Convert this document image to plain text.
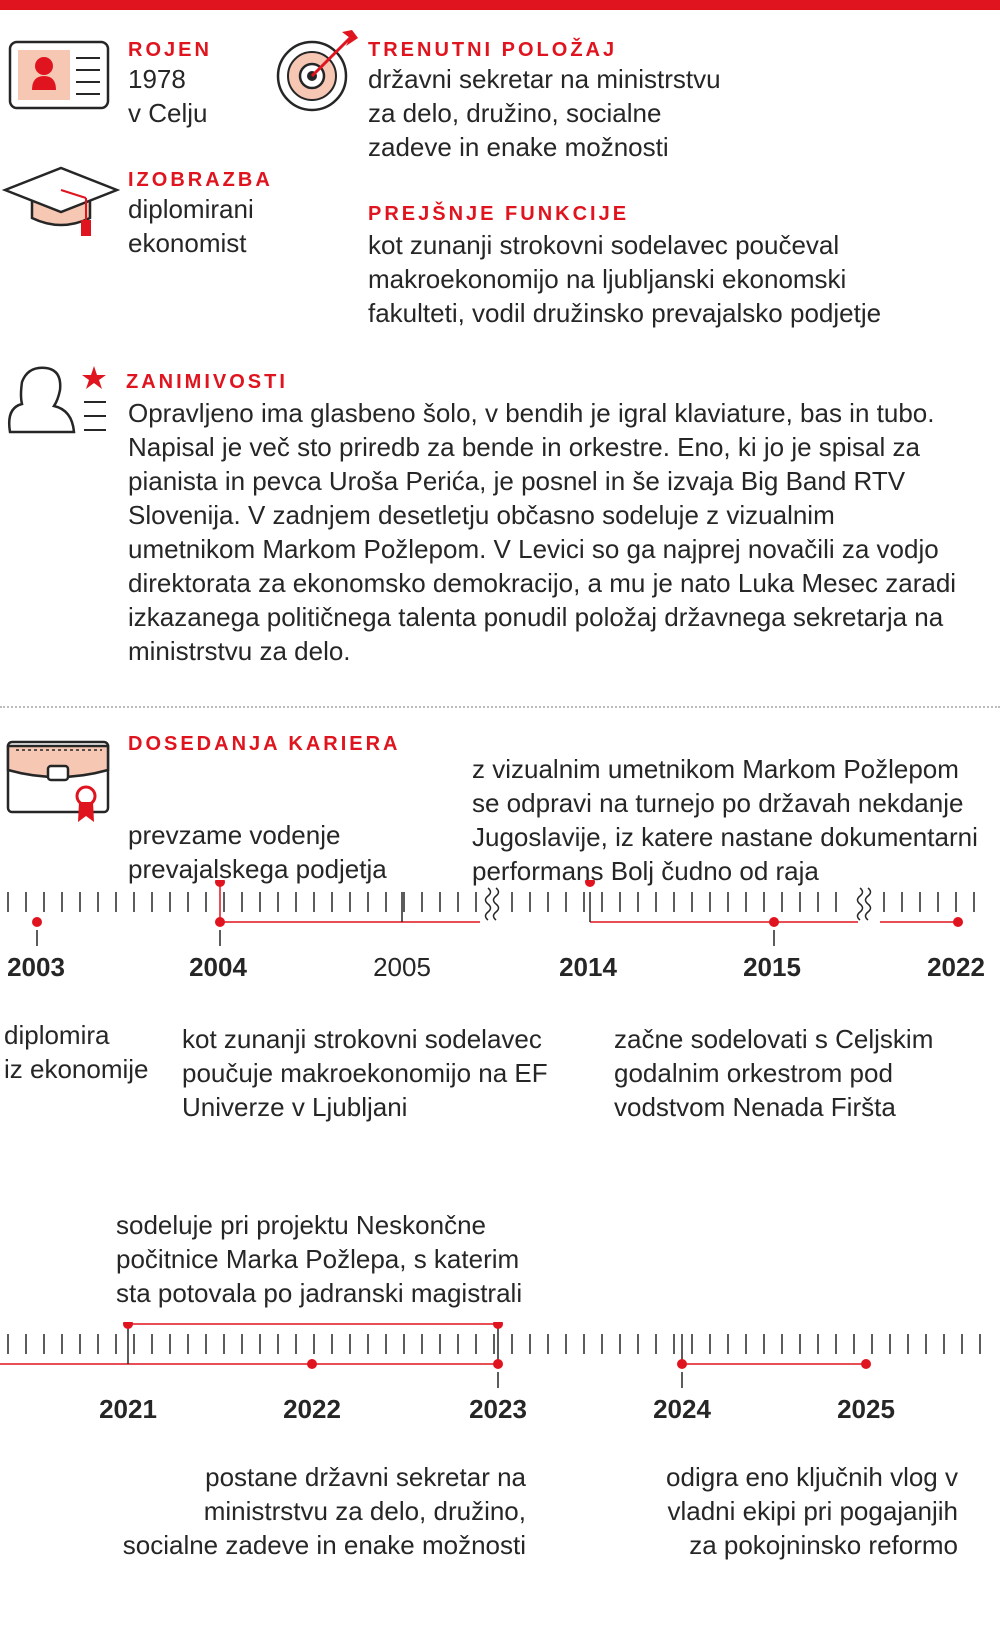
ROJEN
1978
v Celju
IZOBRAZBA
diplomirani
ekonomist
TRENUTNI POLOŽAJ
državni sekretar na ministrstvu
za delo, družino, socialne
zadeve in enake možnosti
PREJŠNJE FUNKCIJE
kot zunanji strokovni sodelavec poučeval
makroekonomijo na ljubljanski ekonomski
fakulteti, vodil družinsko prevajalsko podjetje
ZANIMIVOSTI
Opravljeno ima glasbeno šolo, v bendih je igral klaviature, bas in tubo.
Napisal je več sto priredb za bende in orkestre. Eno, ki jo je spisal za
pianista in pevca Uroša Perića, je posnel in še izvaja Big Band RTV
Slovenija. V zadnjem desetletju občasno sodeluje z vizualnim
umetnikom Markom Požlepom. V Levici so ga najprej novačili za vodjo
direktorata za ekonomsko demokracijo, a mu je nato Luka Mesec zaradi
izkazanega političnega talenta ponudil položaj državnega sekretarja na
ministrstvu za delo.
DOSEDANJA KARIERA
2003	2004	2005	2014	2015	2022
prevzame vodenje
prevajalskega podjetja
z vizualnim umetnikom Markom Požlepom
se odpravi na turnejo po državah nekdanje
Jugoslavije, iz katere nastane dokumentarni
performans Bolj čudno od raja
diplomira
iz ekonomije
kot zunanji strokovni sodelavec
poučuje makroekonomijo na EF
Univerze v Ljubljani
začne sodelovati s Celjskim
godalnim orkestrom pod
vodstvom Nenada Firšta
sodeluje pri projektu Neskončne
počitnice Marka Požlepa, s katerim
sta potovala po jadranski magistrali
2021	2022	2023	2024	2025
postane državni sekretar na
ministrstvu za delo, družino,
socialne zadeve in enake možnosti
odigra eno ključnih vlog v
vladni ekipi pri pogajanjih
za pokojninsko reformo
